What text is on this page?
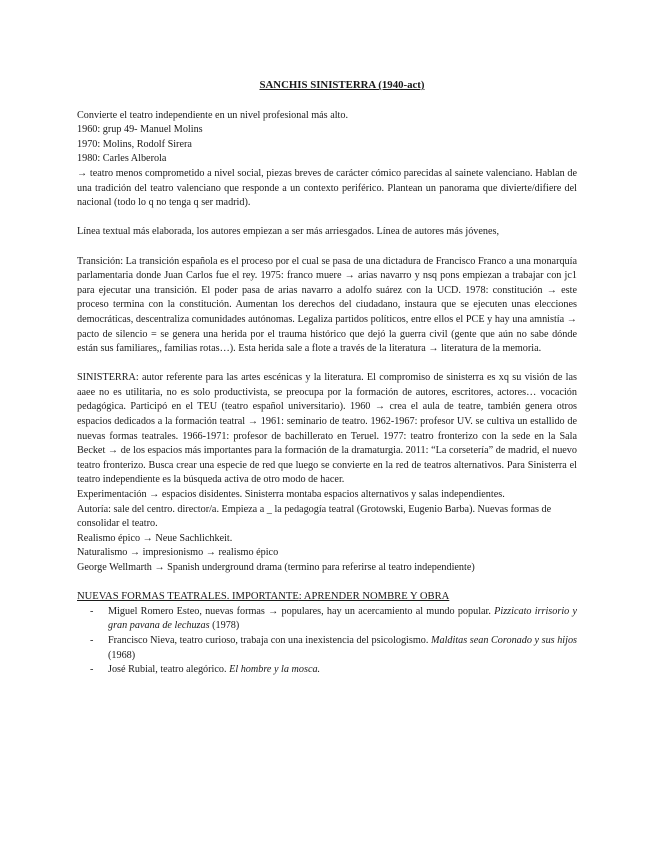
SANCHIS SINISTERRA (1940-act)

Convierte el teatro independiente en un nivel profesional más alto.

1960: grup 49- Manuel Molins

1970: Molins, Rodolf Sirera

1980: Carles Alberola

→ teatro menos comprometido a nivel social, piezas breves de carácter cómico parecidas al sainete valenciano. Hablan de una tradición del teatro valenciano que responde a un contexto periférico. Plantean un panorama que divierte/difiere del nacional (todo lo q no tenga q ser madrid).

Línea textual más elaborada, los autores empiezan a ser más arriesgados. Línea de autores más jóvenes,

Transición: La transición española es el proceso por el cual se pasa de una dictadura de Francisco Franco a una monarquía parlamentaria donde Juan Carlos fue el rey. 1975: franco muere → arias navarro y nsq pons empiezan a trabajar con jc1 para ejecutar una transición. El poder pasa de arias navarro a adolfo suárez con la UCD. 1978: constitución → este proceso termina con la constitución. Aumentan los derechos del ciudadano, instaura que se ejecuten unas elecciones democráticas, descentraliza comunidades autónomas. Legaliza partidos políticos, entre ellos el PCE y hay una amnistía → pacto de silencio = se genera una herida por el trauma histórico que dejó la guerra civil (gente que aún no sabe dónde están sus familiares,, familias rotas…). Esta herida sale a flote a través de la literatura → literatura de la memoria.

SINISTERRA: autor referente para las artes escénicas y la literatura. El compromiso de sinisterra es xq su visión de las aaee no es utilitaria, no es solo productivista, se preocupa por la formación de autores, escritores, actores… vocación pedagógica. Participó en el TEU (teatro español universitario). 1960 → crea el aula de teatre, también genera otros espacios dedicados a la formación teatral → 1961: seminario de teatro. 1962-1967: profesor UV. se cultiva un estallido de nuevas formas teatrales. 1966-1971: profesor de bachillerato en Teruel. 1977: teatro fronterizo con la sede en la Sala Becket → de los espacios más importantes para la formación de la dramaturgia. 2011: “La corsetería” de madrid, el nuevo teatro fronterizo. Busca crear una especie de red que luego se convierte en la red de teatros alternativos. Para Sinisterra el teatro independiente es la búsqueda activa de otro modo de hacer.

Experimentación → espacios disidentes. Sinisterra montaba espacios alternativos y salas independientes.

Autoría: sale del centro. director/a. Empieza a _ la pedagogía teatral (Grotowski, Eugenio Barba). Nuevas formas de consolidar el teatro.

Realismo épico → Neue Sachlichkeit.

Naturalismo → impresionismo → realismo épico

George Wellmarth → Spanish underground drama (termino para referirse al teatro independiente)

NUEVAS FORMAS TEATRALES. IMPORTANTE: APRENDER NOMBRE Y OBRA

- Miguel Romero Esteo, nuevas formas → populares, hay un acercamiento al mundo popular. Pizzicato irrisorio y gran pavana de lechuzas (1978)
- Francisco Nieva, teatro curioso, trabaja con una inexistencia del psicologismo. Malditas sean Coronado y sus hijos (1968)
- José Rubial, teatro alegórico. El hombre y la mosca.
